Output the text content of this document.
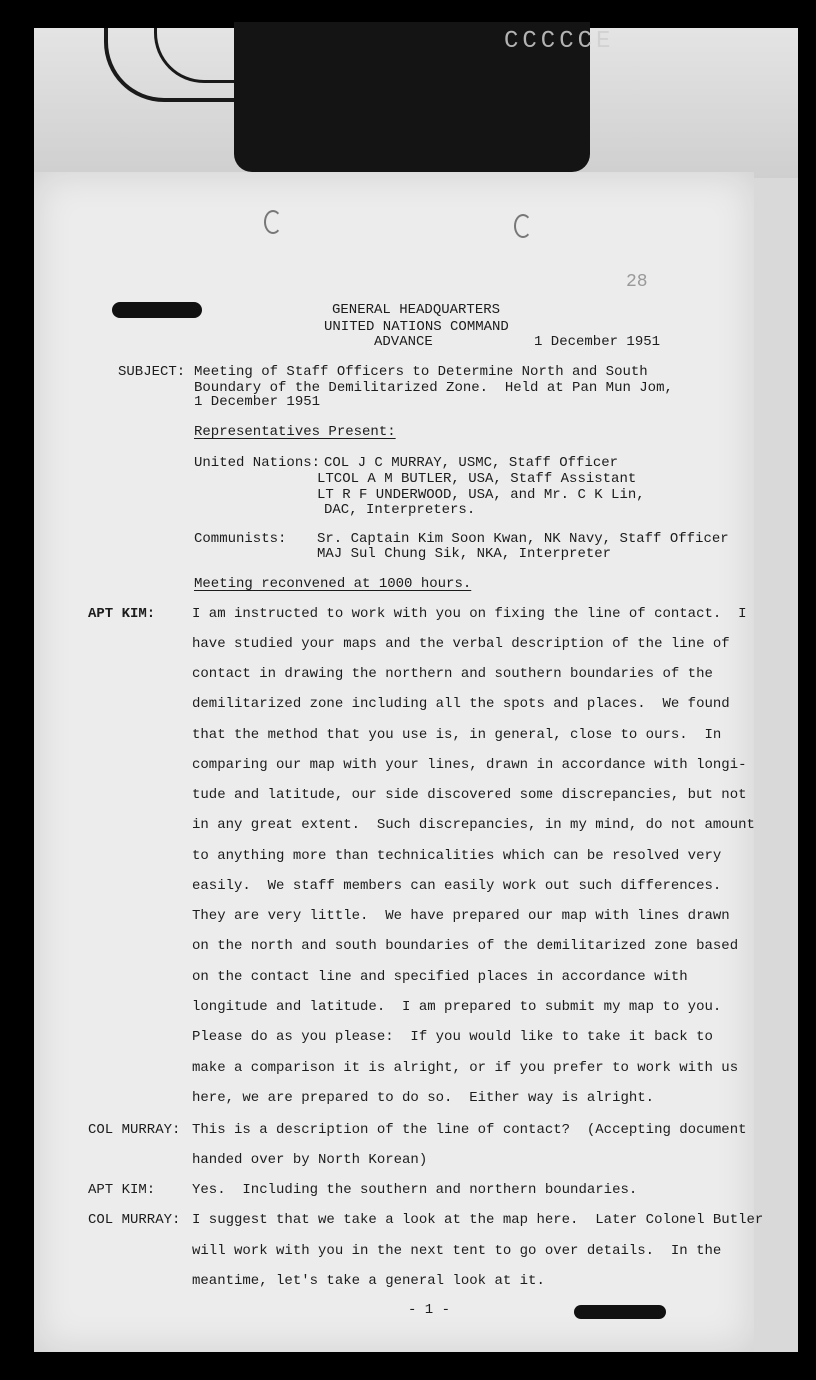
CCCCCE
28
GENERAL HEADQUARTERS
UNITED NATIONS COMMAND
ADVANCE	1 December 1951
SUBJECT: Meeting of Staff Officers to Determine North and South
Boundary of the Demilitarized Zone.  Held at Pan Mun Jom,
1 December 1951
Representatives Present:
United Nations: COL J C MURRAY, USMC, Staff Officer
LTCOL A M BUTLER, USA, Staff Assistant
LT R F UNDERWOOD, USA, and Mr. C K Lin,
DAC, Interpreters.
Communists: Sr. Captain Kim Soon Kwan, NK Navy, Staff Officer
MAJ Sul Chung Sik, NKA, Interpreter
Meeting reconvened at 1000 hours.
APT KIM:	I am instructed to work with you on fixing the line of contact.  I
have studied your maps and the verbal description of the line of
contact in drawing the northern and southern boundaries of the
demilitarized zone including all the spots and places.  We found
that the method that you use is, in general, close to ours.  In
comparing our map with your lines, drawn in accordance with longi-
tude and latitude, our side discovered some discrepancies, but not
in any great extent.  Such discrepancies, in my mind, do not amount
to anything more than technicalities which can be resolved very
easily.  We staff members can easily work out such differences.
They are very little.  We have prepared our map with lines drawn
on the north and south boundaries of the demilitarized zone based
on the contact line and specified places in accordance with
longitude and latitude.  I am prepared to submit my map to you.
Please do as you please:  If you would like to take it back to
make a comparison it is alright, or if you prefer to work with us
here, we are prepared to do so.  Either way is alright.
COL MURRAY: This is a description of the line of contact?  (Accepting document
handed over by North Korean)
APT KIM:	Yes.  Including the southern and northern boundaries.
COL MURRAY: I suggest that we take a look at the map here.  Later Colonel Butler
will work with you in the next tent to go over details.  In the
meantime, let's take a general look at it.
- 1 -
